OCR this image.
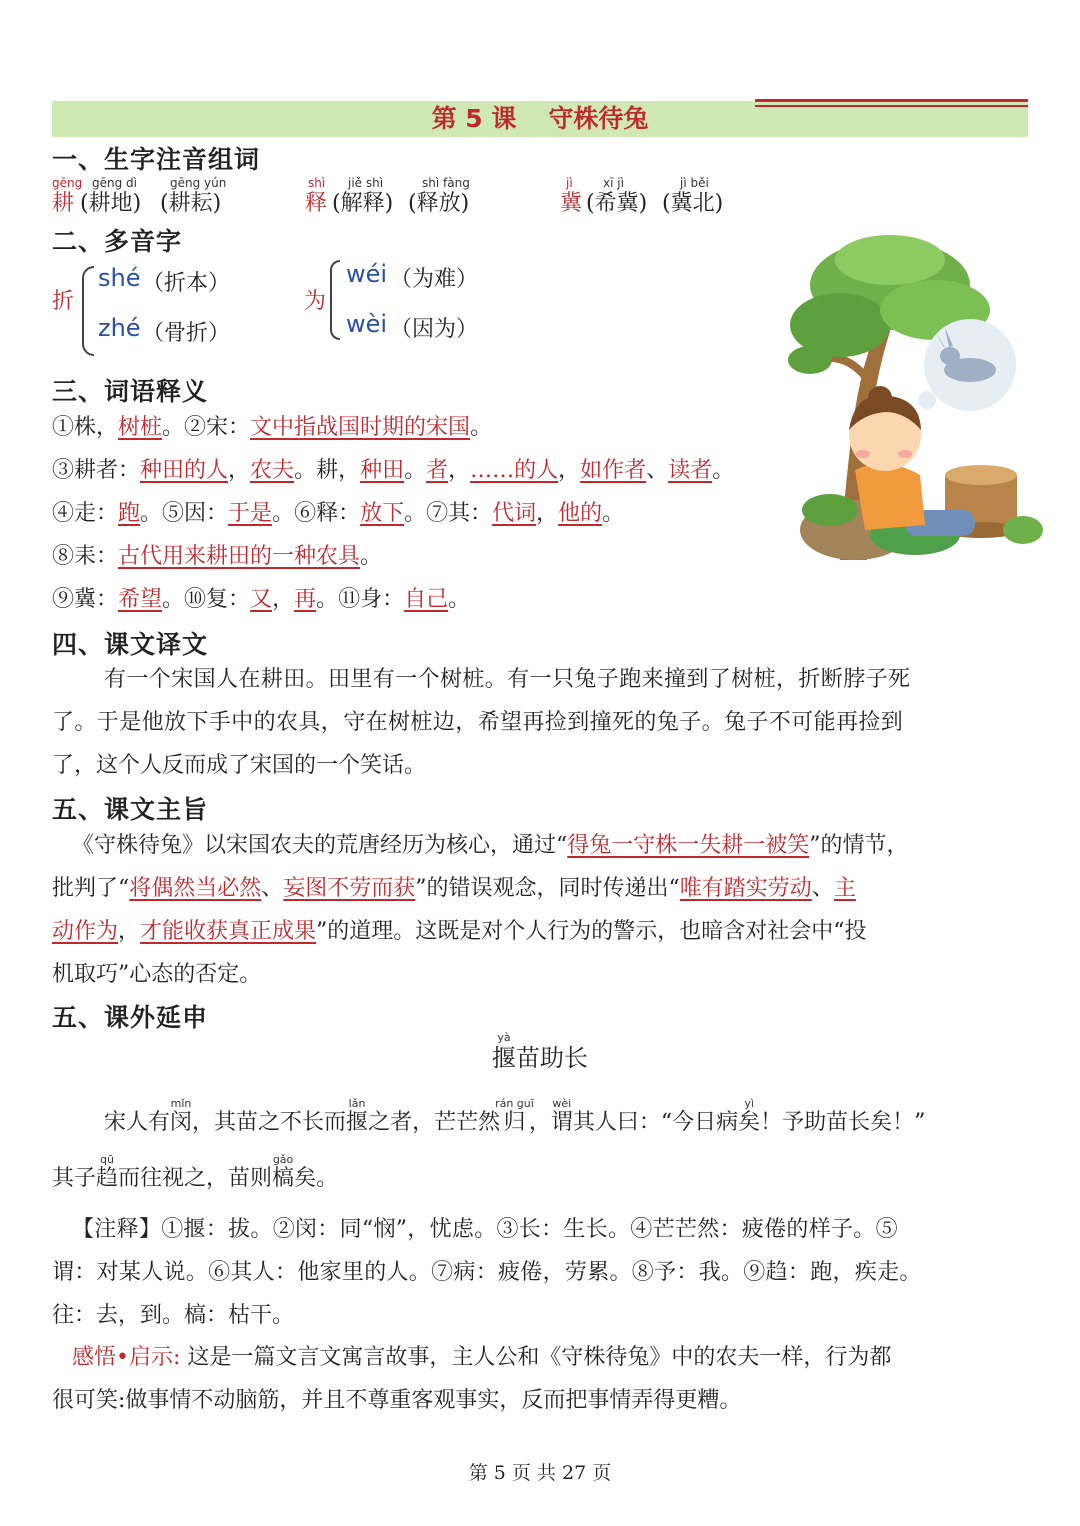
第 5 课 守株待兔
一、生字注音组词
gēng gēng dì	gēng yún
耕 (耕地) (耕耘)
shì jiě shì	shì fàng
释 (解释) (释放)
jì	xī jì	jì běi
冀 (希冀) (冀北)
二、多音字
折
shé （折本）
zhé （骨折）
为
wéi （为难）
wèi （因为）
三、词语释义
①株，树桩。②宋：文中指战国时期的宋国。
③耕者：种田的人，农夫。耕，种田。者，……的人，如作者、读者。
④走：跑。⑤因：于是。⑥释：放下。⑦其：代词，他的。
⑧耒：古代用来耕田的一种农具。
⑨冀：希望。⑩复：又，再。⑪身：自己。
四、课文译文
有一个宋国人在耕田。田里有一个树桩。有一只兔子跑来撞到了树桩，折断脖子死
了。于是他放下手中的农具，守在树桩边，希望再捡到撞死的兔子。兔子不可能再捡到
了，这个人反而成了宋国的一个笑话。
五、课文主旨
《守株待兔》以宋国农夫的荒唐经历为核心，通过“得兔一守株一失耕一被笑”的情节，
批判了“将偶然当必然、妄图不劳而获”的错误观念，同时传递出“唯有踏实劳动、主
动作为，才能收获真正成果”的道理。这既是对个人行为的警示，也暗含对社会中“投
机取巧”心态的否定。
五、课外延申
揠yà苗助长
宋人有闵mǐn，其苗之不长而揠lǎn之者，芒芒然归rán guī，谓wèi其人曰：“今日病矣yì！予助苗长矣！”
其子趋qū而往视之，苗则槁gǎo矣。
【注释】①揠：拔。②闵：同“悯”，忧虑。③长：生长。④芒芒然：疲倦的样子。⑤
谓：对某人说。⑥其人：他家里的人。⑦病：疲倦，劳累。⑧予：我。⑨趋：跑，疾走。
往：去，到。槁：枯干。
感悟•启示: 这是一篇文言文寓言故事，主人公和《守株待兔》中的农夫一样，行为都
很可笑:做事情不动脑筋，并且不尊重客观事实，反而把事情弄得更糟。
第 5 页 共 27 页
